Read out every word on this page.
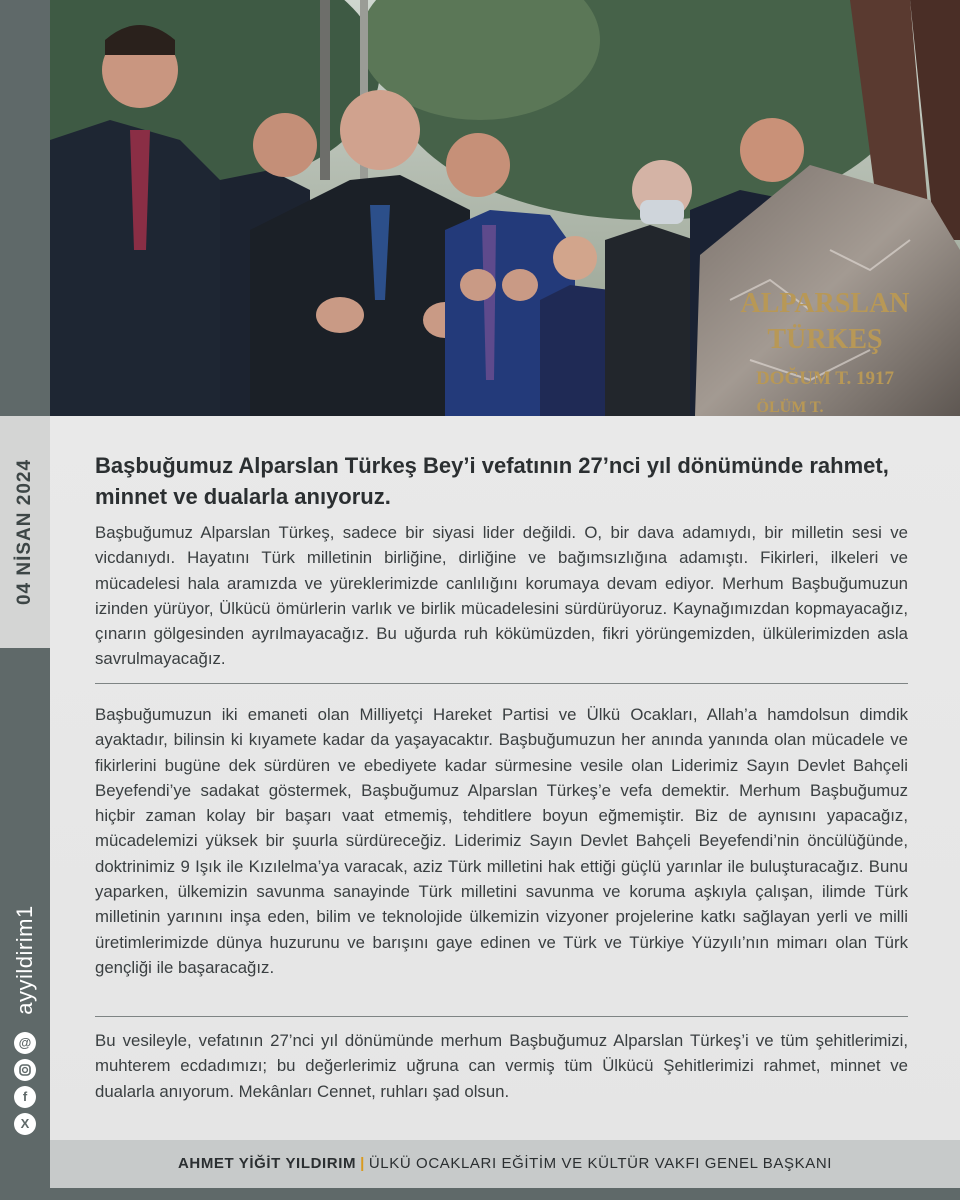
04 NİSAN 2024
ayyildirim1
@
f
X
ALPARSLAN
TÜRKEŞ
DOĞUM T. 1917
ÖLÜM T.
Başbuğumuz Alparslan Türkeş Bey’i vefatının 27’nci yıl dönümünde rahmet, minnet ve dualarla anıyoruz.
Başbuğumuz Alparslan Türkeş, sadece bir siyasi lider değildi. O, bir dava adamıydı, bir milletin sesi ve vicdanıydı. Hayatını Türk milletinin birliğine, dirliğine ve bağımsızlığına adamıştı. Fikirleri, ilkeleri ve mücadelesi hala aramızda ve yüreklerimizde canlılığını korumaya devam ediyor. Merhum Başbuğumuzun izinden yürüyor, Ülkücü ömürlerin varlık ve birlik mücadelesini sürdürüyoruz. Kaynağımızdan kopmayacağız, çınarın gölgesinden ayrılmayacağız. Bu uğurda ruh kökümüzden, fikri yörüngemizden, ülkülerimizden asla savrulmayacağız.
Başbuğumuzun iki emaneti olan Milliyetçi Hareket Partisi ve Ülkü Ocakları, Allah’a hamdolsun dimdik ayaktadır, bilinsin ki kıyamete kadar da yaşayacaktır. Başbuğumuzun her anında yanında olan mücadele ve fikirlerini bugüne dek sürdüren ve ebediyete kadar sürmesine vesile olan Liderimiz Sayın Devlet Bahçeli Beyefendi’ye sadakat göstermek, Başbuğumuz Alparslan Türkeş’e vefa demektir. Merhum Başbuğumuz hiçbir zaman kolay bir başarı vaat etmemiş, tehditlere boyun eğmemiştir. Biz de aynısını yapacağız, mücadelemizi yüksek bir şuurla sürdüreceğiz. Liderimiz Sayın Devlet Bahçeli Beyefendi’nin öncülüğünde, doktrinimiz 9 Işık ile Kızılelma’ya varacak, aziz Türk milletini hak ettiği güçlü yarınlar ile buluşturacağız. Bunu yaparken, ülkemizin savunma sanayinde Türk milletini savunma ve koruma aşkıyla çalışan, ilimde Türk milletinin yarınını inşa eden, bilim ve teknolojide ülkemizin vizyoner projelerine katkı sağlayan yerli ve milli üretimlerimizde dünya huzurunu ve barışını gaye edinen ve Türk ve Türkiye Yüzyılı’nın mimarı olan Türk gençliği ile başaracağız.
Bu vesileyle, vefatının 27’nci yıl dönümünde merhum Başbuğumuz Alparslan Türkeş’i ve tüm şehitlerimizi, muhterem ecdadımızı; bu değerlerimiz uğruna can vermiş tüm Ülkücü Şehitlerimizi rahmet, minnet ve dualarla anıyorum. Mekânları Cennet, ruhları şad olsun.
AHMET YİĞİT YILDIRIM | ÜLKÜ OCAKLARI EĞİTİM VE KÜLTÜR VAKFI GENEL BAŞKANI
